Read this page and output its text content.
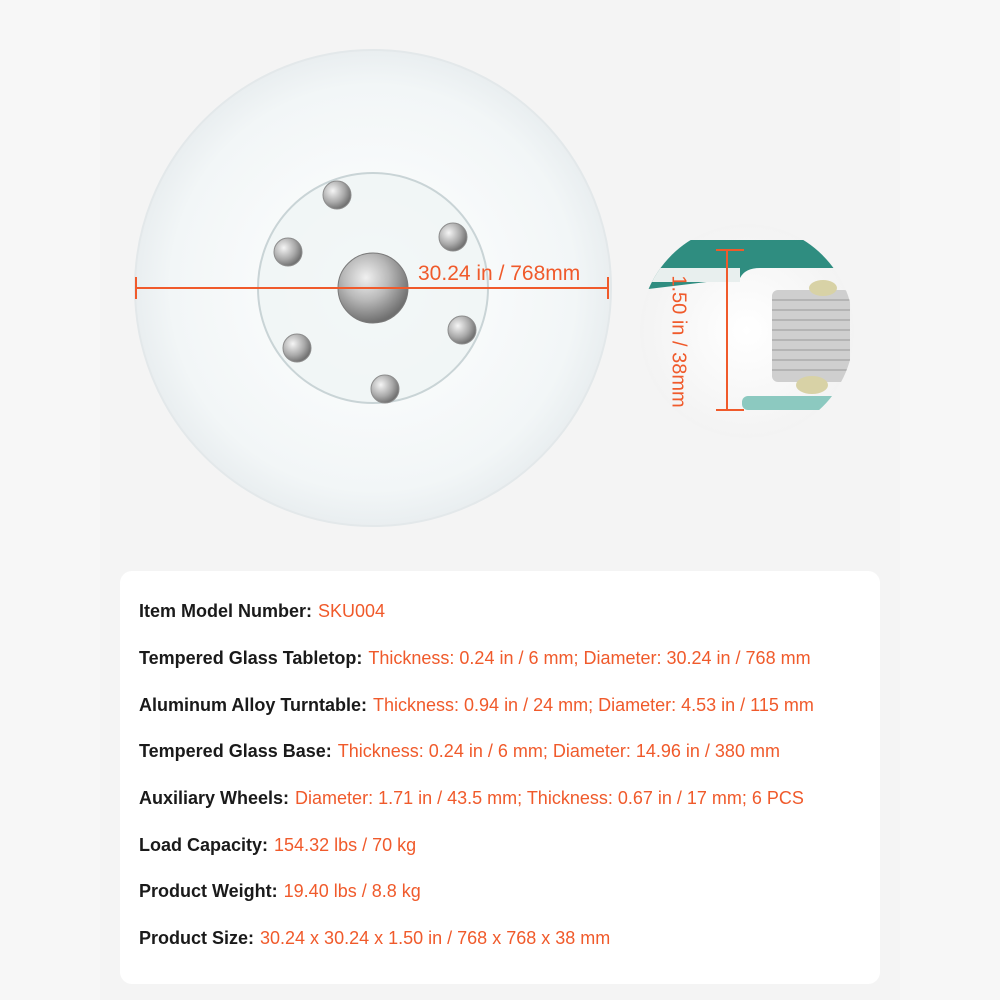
30.24 in / 768mm
1.50 in / 38mm
Item Model Number: SKU004
Tempered Glass Tabletop: Thickness: 0.24 in / 6 mm; Diameter: 30.24 in / 768 mm
Aluminum Alloy Turntable: Thickness: 0.94 in / 24 mm; Diameter: 4.53 in / 115 mm
Tempered Glass Base: Thickness: 0.24 in / 6 mm; Diameter: 14.96 in / 380 mm
Auxiliary Wheels: Diameter: 1.71 in / 43.5 mm; Thickness: 0.67 in / 17 mm; 6 PCS
Load Capacity: 154.32 lbs / 70 kg
Product Weight: 19.40 lbs / 8.8 kg
Product Size: 30.24 x 30.24 x 1.50 in / 768 x 768 x 38 mm
